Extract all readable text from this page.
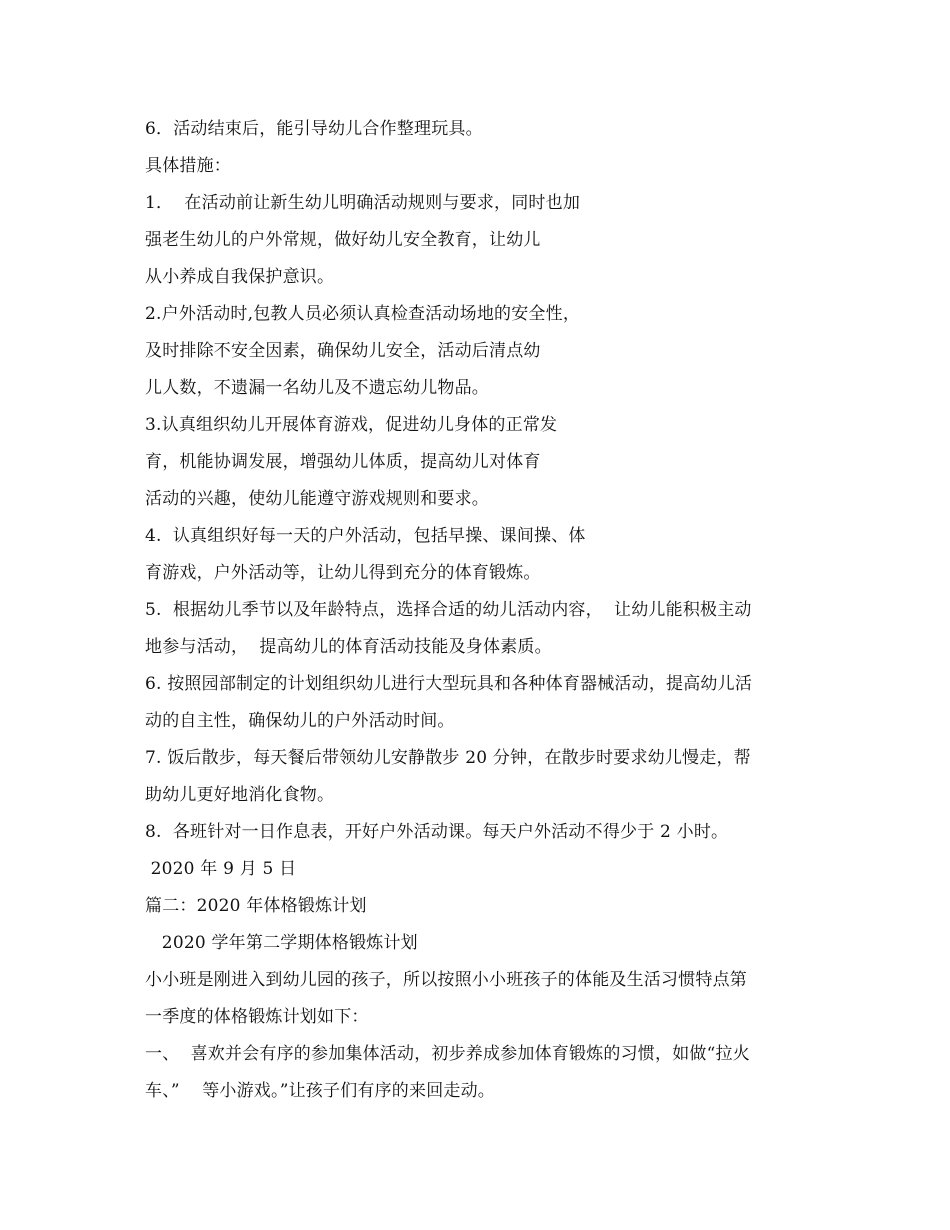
6．活动结束后，能引导幼儿合作整理玩具。
具体措施：
1．  在活动前让新生幼儿明确活动规则与要求，同时也加
强老生幼儿的户外常规，做好幼儿安全教育，让幼儿
从小养成自我保护意识。
2.户外活动时,包教人员必须认真检查活动场地的安全性，
及时排除不安全因素，确保幼儿安全，活动后清点幼
儿人数，不遗漏一名幼儿及不遗忘幼儿物品。
3.认真组织幼儿开展体育游戏，促进幼儿身体的正常发
育，机能协调发展，增强幼儿体质，提高幼儿对体育
活动的兴趣，使幼儿能遵守游戏规则和要求。
4.  认真组织好每一天的户外活动，包括早操、课间操、体
育游戏，户外活动等，让幼儿得到充分的体育锻炼。
5.  根据幼儿季节以及年龄特点，选择合适的幼儿活动内容，  让幼儿能积极主动
地参与活动，  提高幼儿的体育活动技能及身体素质。
6. 按照园部制定的计划组织幼儿进行大型玩具和各种体育器械活动，提高幼儿活
动的自主性，确保幼儿的户外活动时间。
7. 饭后散步，每天餐后带领幼儿安静散步 20 分钟，在散步时要求幼儿慢走，帮
助幼儿更好地消化食物。
8.  各班针对一日作息表，开好户外活动课。每天户外活动不得少于 2 小时。
2020 年 9 月 5 日
篇二：2020 年体格锻炼计划
2020 学年第二学期体格锻炼计划
小小班是刚进入到幼儿园的孩子，所以按照小小班孩子的体能及生活习惯特点第
一季度的体格锻炼计划如下：
一、  喜欢并会有序的参加集体活动，初步养成参加体育锻炼的习惯，如做“拉火
车、”    等小游戏。”让孩子们有序的来回走动。
